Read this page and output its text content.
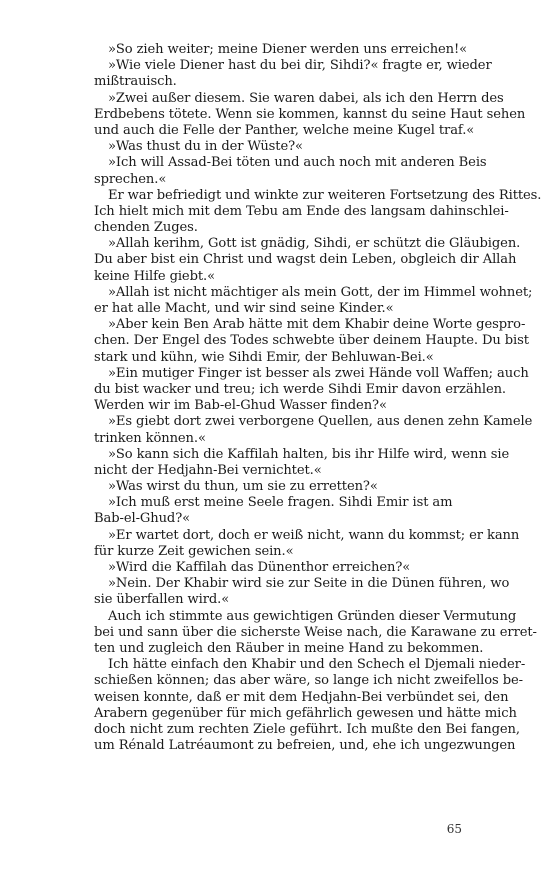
»So zieh weiter; meine Diener werden uns erreichen!«
»Wie viele Diener hast du bei dir, Sihdi?« fragte er, wieder
mißtrauisch.
»Zwei außer diesem. Sie waren dabei, als ich den Herrn des
Erdbebens tötete. Wenn sie kommen, kannst du seine Haut sehen
und auch die Felle der Panther, welche meine Kugel traf.«
»Was thust du in der Wüste?«
»Ich will Assad-Bei töten und auch noch mit anderen Beis
sprechen.«
Er war befriedigt und winkte zur weiteren Fortsetzung des Rittes.
Ich hielt mich mit dem Tebu am Ende des langsam dahinschlei-
chenden Zuges.
»Allah kerihm, Gott ist gnädig, Sihdi, er schützt die Gläubigen.
Du aber bist ein Christ und wagst dein Leben, obgleich dir Allah
keine Hilfe giebt.«
»Allah ist nicht mächtiger als mein Gott, der im Himmel wohnet;
er hat alle Macht, und wir sind seine Kinder.«
»Aber kein Ben Arab hätte mit dem Khabir deine Worte gespro-
chen. Der Engel des Todes schwebte über deinem Haupte. Du bist
stark und kühn, wie Sihdi Emir, der Behluwan-Bei.«
»Ein mutiger Finger ist besser als zwei Hände voll Waffen; auch
du bist wacker und treu; ich werde Sihdi Emir davon erzählen.
Werden wir im Bab-el-Ghud Wasser finden?«
»Es giebt dort zwei verborgene Quellen, aus denen zehn Kamele
trinken können.«
»So kann sich die Kaffilah halten, bis ihr Hilfe wird, wenn sie
nicht der Hedjahn-Bei vernichtet.«
»Was wirst du thun, um sie zu erretten?«
»Ich muß erst meine Seele fragen. Sihdi Emir ist am
Bab-el-Ghud?«
»Er wartet dort, doch er weiß nicht, wann du kommst; er kann
für kurze Zeit gewichen sein.«
»Wird die Kaffilah das Dünenthor erreichen?«
»Nein. Der Khabir wird sie zur Seite in die Dünen führen, wo
sie überfallen wird.«
Auch ich stimmte aus gewichtigen Gründen dieser Vermutung
bei und sann über die sicherste Weise nach, die Karawane zu erret-
ten und zugleich den Räuber in meine Hand zu bekommen.
Ich hätte einfach den Khabir und den Schech el Djemali nieder-
schießen können; das aber wäre, so lange ich nicht zweifellos be-
weisen konnte, daß er mit dem Hedjahn-Bei verbündet sei, den
Arabern gegenüber für mich gefährlich gewesen und hätte mich
doch nicht zum rechten Ziele geführt. Ich mußte den Bei fangen,
um Rénald Latréaumont zu befreien, und, ehe ich ungezwungen
65
